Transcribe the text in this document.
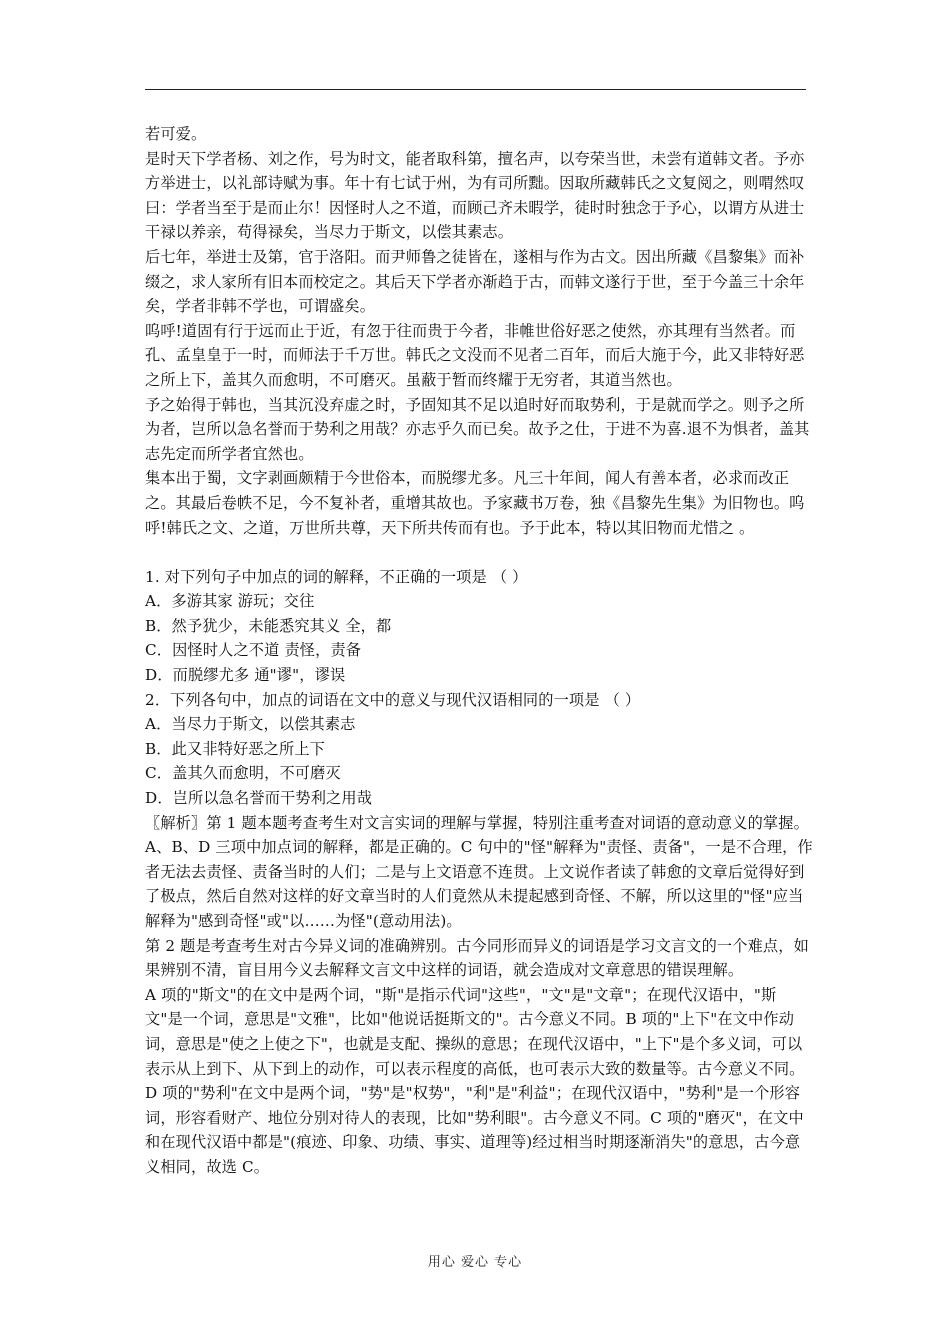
若可爱。

是时天下学者杨、刘之作，号为时文，能者取科第，擅名声，以夸荣当世，未尝有道韩文者。予亦方举进士，以礼部诗赋为事。年十有七试于州，为有司所黜。因取所藏韩氏之文复阅之，则喟然叹曰：学者当至于是而止尔！因怪时人之不道，而顾己齐未暇学，徒时时独念于予心，以谓方从进士干禄以养亲，苟得禄矣，当尽力于斯文，以偿其素志。

后七年，举进士及第，官于洛阳。而尹师鲁之徒皆在，遂相与作为古文。因出所藏《昌黎集》而补缀之，求人家所有旧本而校定之。其后天下学者亦渐趋于古，而韩文遂行于世，至于今盖三十余年矣，学者非韩不学也，可谓盛矣。

呜呼!道固有行于远而止于近，有忽于往而贵于今者，非帷世俗好恶之使然，亦其理有当然者。而孔、孟皇皇于一时，而师法于千万世。韩氏之文没而不见者二百年，而后大施于今，此又非特好恶之所上下，盖其久而愈明，不可磨灭。虽蔽于暂而终耀于无穷者，其道当然也。

予之始得于韩也，当其沉没弃虚之时，予固知其不足以追时好而取势利，于是就而学之。则予之所为者，岂所以急名誉而于势利之用哉？亦志乎久而已矣。故予之仕，于进不为喜.退不为惧者，盖其志先定而所学者宜然也。

集本出于蜀，文字剥画颇精于今世俗本，而脱缪尤多。凡三十年间，闻人有善本者，必求而改正之。其最后卷帙不足，今不复补者，重增其故也。予家藏书万卷，独《昌黎先生集》为旧物也。呜呼!韩氏之文、之道，万世所共尊，天下所共传而有也。予于此本，特以其旧物而尤惜之 。

1. 对下列句子中加点的词的解释，不正确的一项是 （ ）

A．多游其家 游玩；交往

B．然予犹少，未能悉究其义 全，都

C．因怪时人之不道 责怪，责备

D．而脱缪尤多 通"谬"，谬误

2．下列各句中，加点的词语在文中的意义与现代汉语相同的一项是 （ ）

A．当尽力于斯文，以偿其素志

B．此又非特好恶之所上下

C．盖其久而愈明，不可磨灭

D．岂所以急名誉而干势利之用哉

〖解析〗第 1 题本题考查考生对文言实词的理解与掌握，特别注重考查对词语的意动意义的掌握。A、B、D 三项中加点词的解释，都是正确的。C 句中的"怪"解释为"责怪、责备"，一是不合理，作者无法去责怪、责备当时的人们；二是与上文语意不连贯。上文说作者读了韩愈的文章后觉得好到了极点，然后自然对这样的好文章当时的人们竟然从未提起感到奇怪、不解，所以这里的"怪"应当解释为"感到奇怪"或"以……为怪"(意动用法)。

第 2 题是考查考生对古今异义词的准确辨别。古今同形而异义的词语是学习文言文的一个难点，如果辨别不清，盲目用今义去解释文言文中这样的词语，就会造成对文章意思的错误理解。

A 项的"斯文"的在文中是两个词，"斯"是指示代词"这些"，"文"是"文章"；在现代汉语中，"斯文"是一个词，意思是"文雅"，比如"他说话挺斯文的"。古今意义不同。B 项的"上下"在文中作动词，意思是"使之上使之下"，也就是支配、操纵的意思；在现代汉语中，"上下"是个多义词，可以表示从上到下、从下到上的动作，可以表示程度的高低，也可表示大致的数量等。古今意义不同。D 项的"势利"在文中是两个词，"势"是"权势"，"利"是"利益"；在现代汉语中，"势利"是一个形容词，形容看财产、地位分别对待人的表现，比如"势利眼"。古今意义不同。C 项的"磨灭"，在文中和在现代汉语中都是"(痕迹、印象、功绩、事实、道理等)经过相当时期逐渐消失"的意思，古今意义相同，故选 C。

用心 爱心 专心
